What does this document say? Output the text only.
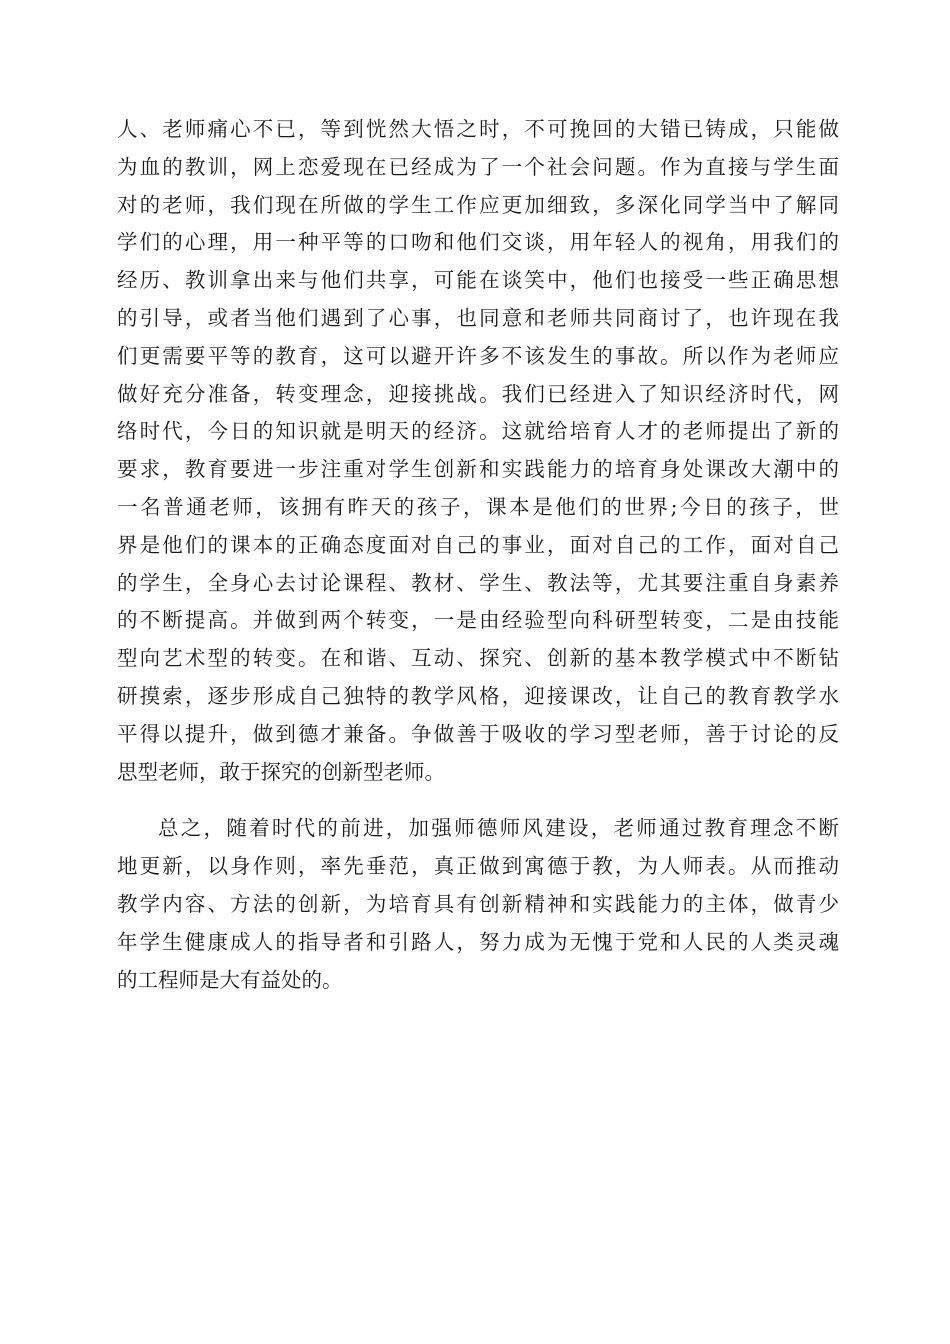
人、老师痛心不已，等到恍然大悟之时，不可挽回的大错已铸成，只能做
为血的教训，网上恋爱现在已经成为了一个社会问题。作为直接与学生面
对的老师，我们现在所做的学生工作应更加细致，多深化同学当中了解同
学们的心理，用一种平等的口吻和他们交谈，用年轻人的视角，用我们的
经历、教训拿出来与他们共享，可能在谈笑中，他们也接受一些正确思想
的引导，或者当他们遇到了心事，也同意和老师共同商讨了，也许现在我
们更需要平等的教育，这可以避开许多不该发生的事故。所以作为老师应
做好充分准备，转变理念，迎接挑战。我们已经进入了知识经济时代，网
络时代，今日的知识就是明天的经济。这就给培育人才的老师提出了新的
要求，教育要进一步注重对学生创新和实践能力的培育身处课改大潮中的
一名普通老师，该拥有昨天的孩子，课本是他们的世界;今日的孩子，世
界是他们的课本的正确态度面对自己的事业，面对自己的工作，面对自己
的学生，全身心去讨论课程、教材、学生、教法等，尤其要注重自身素养
的不断提高。并做到两个转变，一是由经验型向科研型转变，二是由技能
型向艺术型的转变。在和谐、互动、探究、创新的基本教学模式中不断钻
研摸索，逐步形成自己独特的教学风格，迎接课改，让自己的教育教学水
平得以提升，做到德才兼备。争做善于吸收的学习型老师，善于讨论的反
思型老师，敢于探究的创新型老师。
总之，随着时代的前进，加强师德师风建设，老师通过教育理念不断
地更新，以身作则，率先垂范，真正做到寓德于教，为人师表。从而推动
教学内容、方法的创新，为培育具有创新精神和实践能力的主体，做青少
年学生健康成人的指导者和引路人，努力成为无愧于党和人民的人类灵魂
的工程师是大有益处的。
